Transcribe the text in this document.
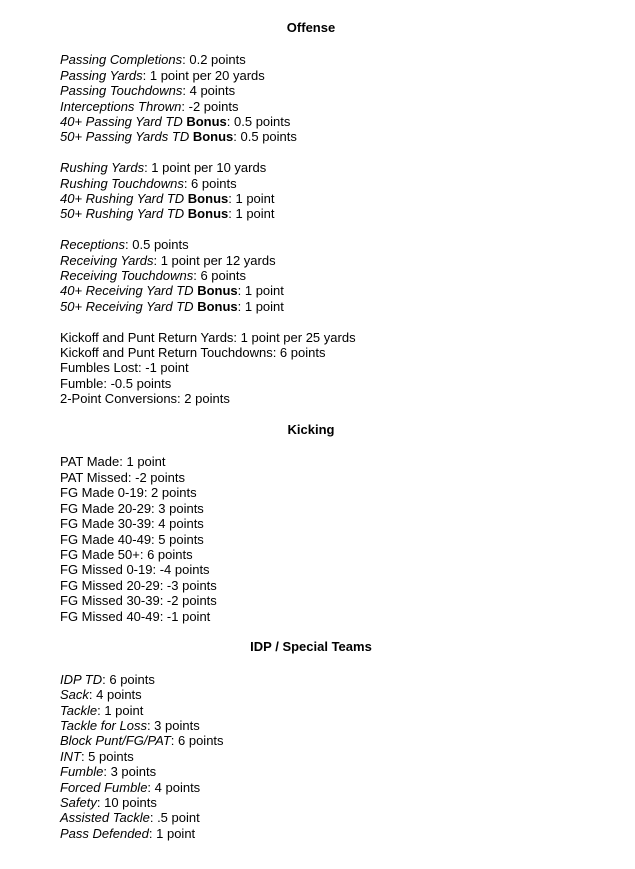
Offense
Passing Completions: 0.2 points
Passing Yards: 1 point per 20 yards
Passing Touchdowns: 4 points
Interceptions Thrown: -2 points
40+ Passing Yard TD Bonus: 0.5 points
50+ Passing Yards TD Bonus: 0.5 points
Rushing Yards: 1 point per 10 yards
Rushing Touchdowns: 6 points
40+ Rushing Yard TD Bonus: 1 point
50+ Rushing Yard TD Bonus: 1 point
Receptions: 0.5 points
Receiving Yards: 1 point per 12 yards
Receiving Touchdowns: 6 points
40+ Receiving Yard TD Bonus: 1 point
50+ Receiving Yard TD Bonus: 1 point
Kickoff and Punt Return Yards: 1 point per 25 yards
Kickoff and Punt Return Touchdowns: 6 points
Fumbles Lost: -1 point
Fumble: -0.5 points
2-Point Conversions: 2 points
Kicking
PAT Made: 1 point
PAT Missed: -2 points
FG Made 0-19: 2 points
FG Made 20-29: 3 points
FG Made 30-39: 4 points
FG Made 40-49: 5 points
FG Made 50+: 6 points
FG Missed 0-19: -4 points
FG Missed 20-29: -3 points
FG Missed 30-39: -2 points
FG Missed 40-49: -1 point
IDP / Special Teams
IDP TD: 6 points
Sack: 4 points
Tackle: 1 point
Tackle for Loss: 3 points
Block Punt/FG/PAT: 6 points
INT: 5 points
Fumble: 3 points
Forced Fumble: 4 points
Safety: 10 points
Assisted Tackle: .5 point
Pass Defended: 1 point
